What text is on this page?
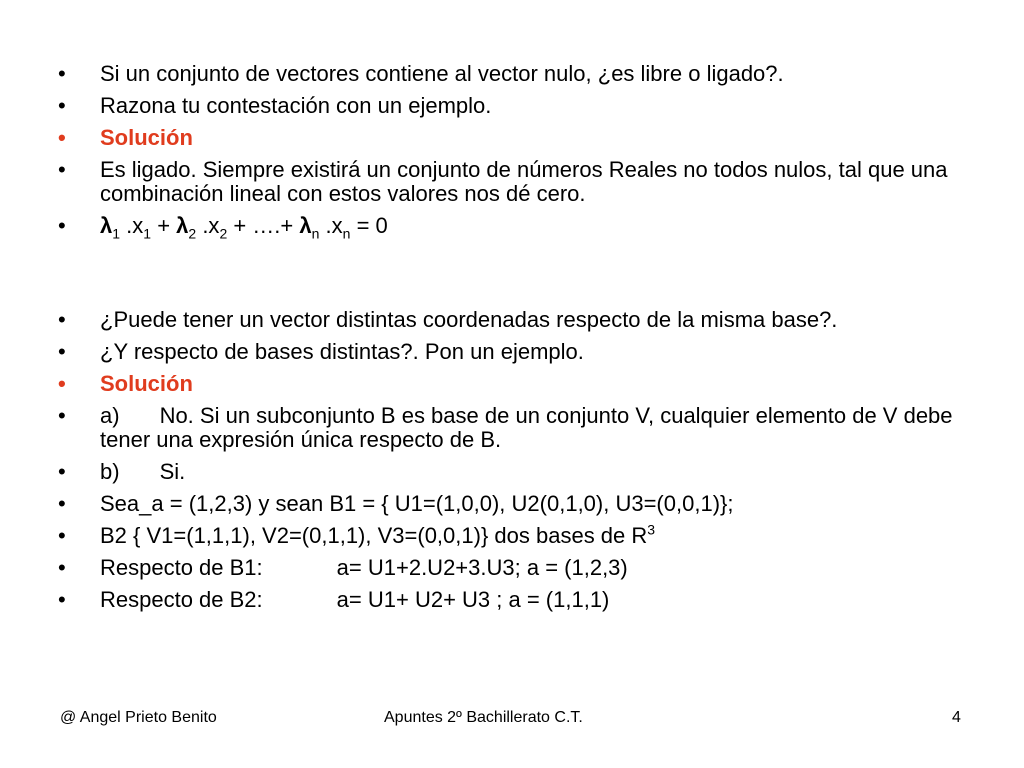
• Si un conjunto de vectores contiene al vector nulo, ¿es libre o ligado?.
• Razona tu contestación con un ejemplo.
• Solución
• Es ligado. Siempre existirá un conjunto de números Reales no todos nulos, tal que una combinación lineal con estos valores nos dé cero.
• $\lambda_1$ $.x_1 + \lambda_2$ $.x_2$ + ….+ $\lambda_n$ $.x_n = 0$
• ¿Puede tener un vector distintas coordenadas respecto de la misma base?.
• ¿Y respecto de bases distintas?. Pon un ejemplo.
• Solución
• a) No. Si un subconjunto B es base de un conjunto V, cualquier elemento de V debe tener una expresión única respecto de B.
• b) Si.
• Sea_a = (1,2,3) y sean B1 = { U1=(1,0,0), U2(0,1,0), U3=(0,0,1)};
• B2 { V1=(1,1,1), V2=(0,1,1), V3=(0,0,1)} dos bases de $R^3$
• Respecto de B1:	a= U1+2.U2+3.U3; a = (1,2,3)
• Respecto de B2:	a= U1+ U2+ U3 ; a = (1,1,1)
@ Angel Prieto Benito	Apuntes 2º Bachillerato C.T.	4
